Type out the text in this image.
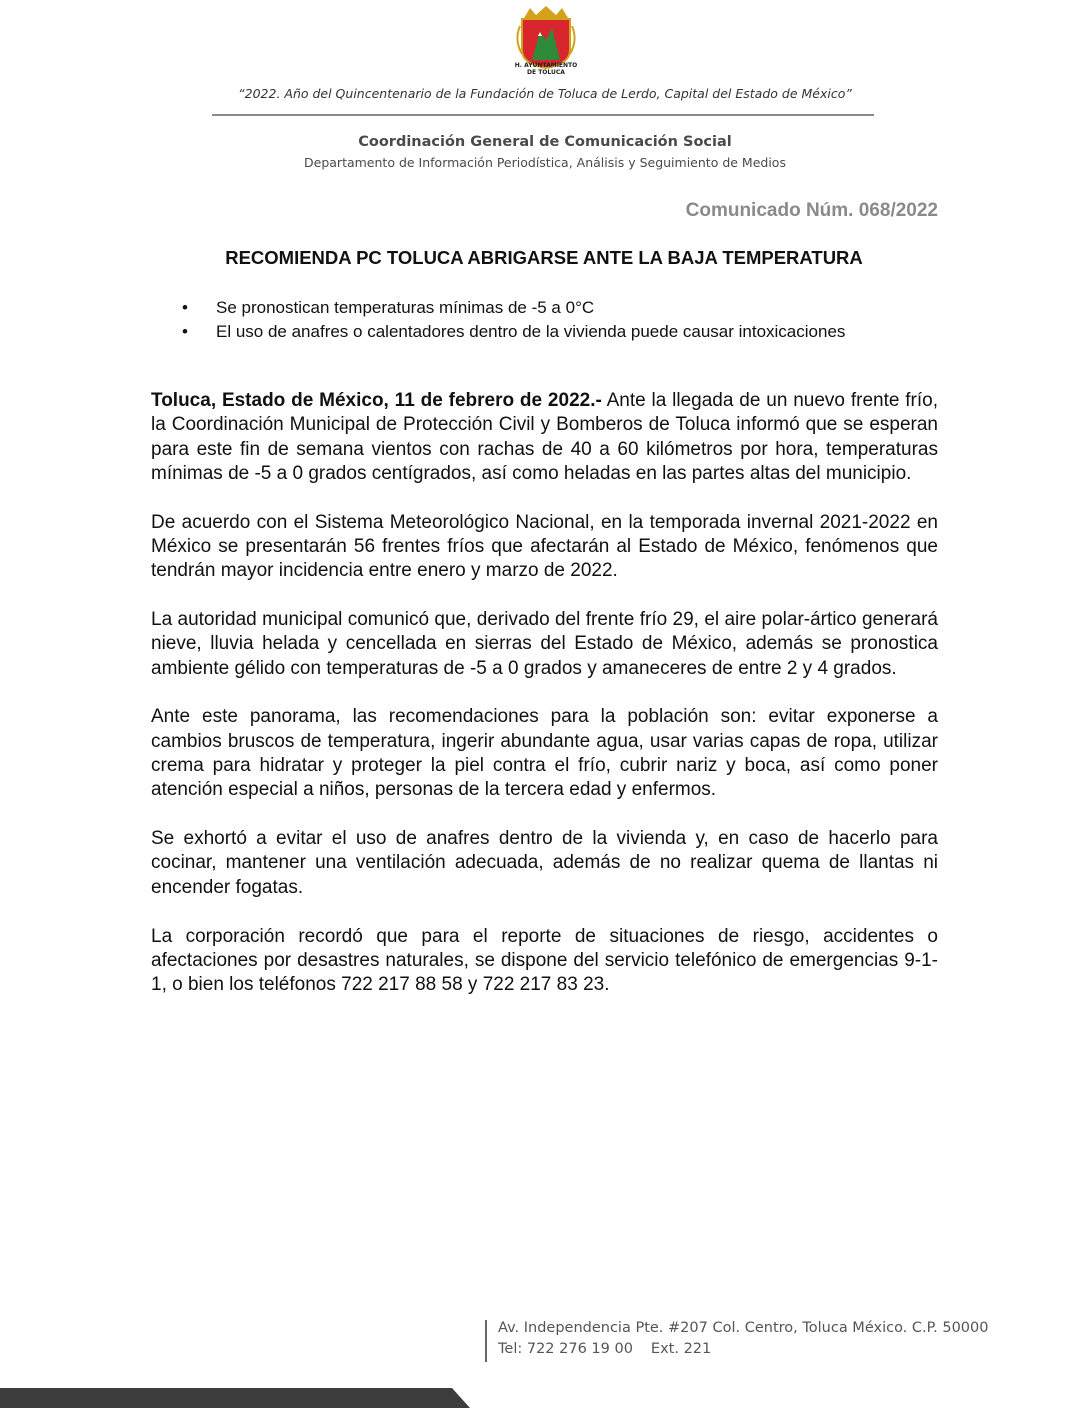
H. AYUNTAMIENTO
DE TOLUCA
“2022. Año del Quincentenario de la Fundación de Toluca de Lerdo, Capital del Estado de México”
Coordinación General de Comunicación Social
Departamento de Información Periodística, Análisis y Seguimiento de Medios
Comunicado Núm. 068/2022
RECOMIENDA PC TOLUCA ABRIGARSE ANTE LA BAJA TEMPERATURA
• Se pronostican temperaturas mínimas de -5 a 0°C
• El uso de anafres o calentadores dentro de la vivienda puede causar intoxicaciones

Toluca, Estado de México, 11 de febrero de 2022.- Ante la llegada de un nuevo frente frío, la Coordinación Municipal de Protección Civil y Bomberos de Toluca informó que se esperan para este fin de semana vientos con rachas de 40 a 60 kilómetros por hora, temperaturas mínimas de -5 a 0 grados centígrados, así como heladas en las partes altas del municipio.

De acuerdo con el Sistema Meteorológico Nacional, en la temporada invernal 2021-2022 en México se presentarán 56 frentes fríos que afectarán al Estado de México, fenómenos que tendrán mayor incidencia entre enero y marzo de 2022.

La autoridad municipal comunicó que, derivado del frente frío 29, el aire polar-ártico generará nieve, lluvia helada y cencellada en sierras del Estado de México, además se pronostica ambiente gélido con temperaturas de -5 a 0 grados y amaneceres de entre 2 y 4 grados.

Ante este panorama, las recomendaciones para la población son: evitar exponerse a cambios bruscos de temperatura, ingerir abundante agua, usar varias capas de ropa, utilizar crema para hidratar y proteger la piel contra el frío, cubrir nariz y boca, así como poner atención especial a niños, personas de la tercera edad y enfermos.

Se exhortó a evitar el uso de anafres dentro de la vivienda y, en caso de hacerlo para cocinar, mantener una ventilación adecuada, además de no realizar quema de llantas ni encender fogatas.

La corporación recordó que para el reporte de situaciones de riesgo, accidentes o afectaciones por desastres naturales, se dispone del servicio telefónico de emergencias 9-1-1, o bien los teléfonos 722 217 88 58 y 722 217 83 23.

Av. Independencia Pte. #207 Col. Centro, Toluca México. C.P. 50000
Tel: 722 276 19 00 Ext. 221
